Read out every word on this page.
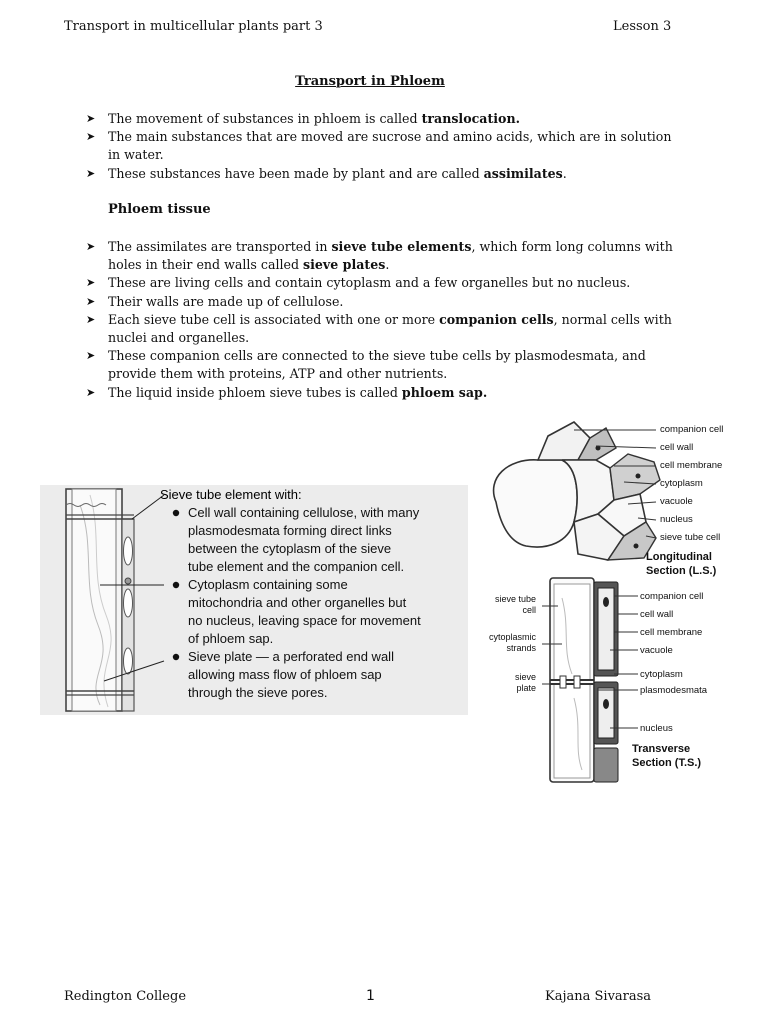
Transport in multicellular plants part 3	Lesson 3
Transport in Phloem
➤ The movement of substances in phloem is called translocation.
➤ The main substances that are moved are sucrose and amino acids, which are in solution in water.
➤ These substances have been made by plant and are called assimilates.
Phloem tissue
➤ The assimilates are transported in sieve tube elements, which form long columns with holes in their end walls called sieve plates.
➤ These are living cells and contain cytoplasm and a few organelles but no nucleus.
➤ Their walls are made up of cellulose.
➤ Each sieve tube cell is associated with one or more companion cells, normal cells with nuclei and organelles.
➤ These companion cells are connected to the sieve tube cells by plasmodesmata, and provide them with proteins, ATP and other nutrients.
➤ The liquid inside phloem sieve tubes is called phloem sap.
Sieve tube element with:
Cell wall containing cellulose, with many
plasmodesmata forming direct links
between the cytoplasm of the sieve
tube element and the companion cell.
Cytoplasm containing some
mitochondria and other organelles but
no nucleus, leaving space for movement
of phloem sap.
Sieve plate — a perforated end wall
allowing mass flow of phloem sap
through the sieve pores.
companion cell
cell wall
cell membrane
cytoplasm
vacuole
nucleus
sieve tube cell
Longitudinal
Section (L.S.)
sieve tube
cell
cytoplasmic
strands
sieve
plate
companion cell
cell wall
cell membrane
vacuole
cytoplasm
plasmodesmata
nucleus
Transverse
Section (T.S.)
Redington College	1	Kajana Sivarasa
